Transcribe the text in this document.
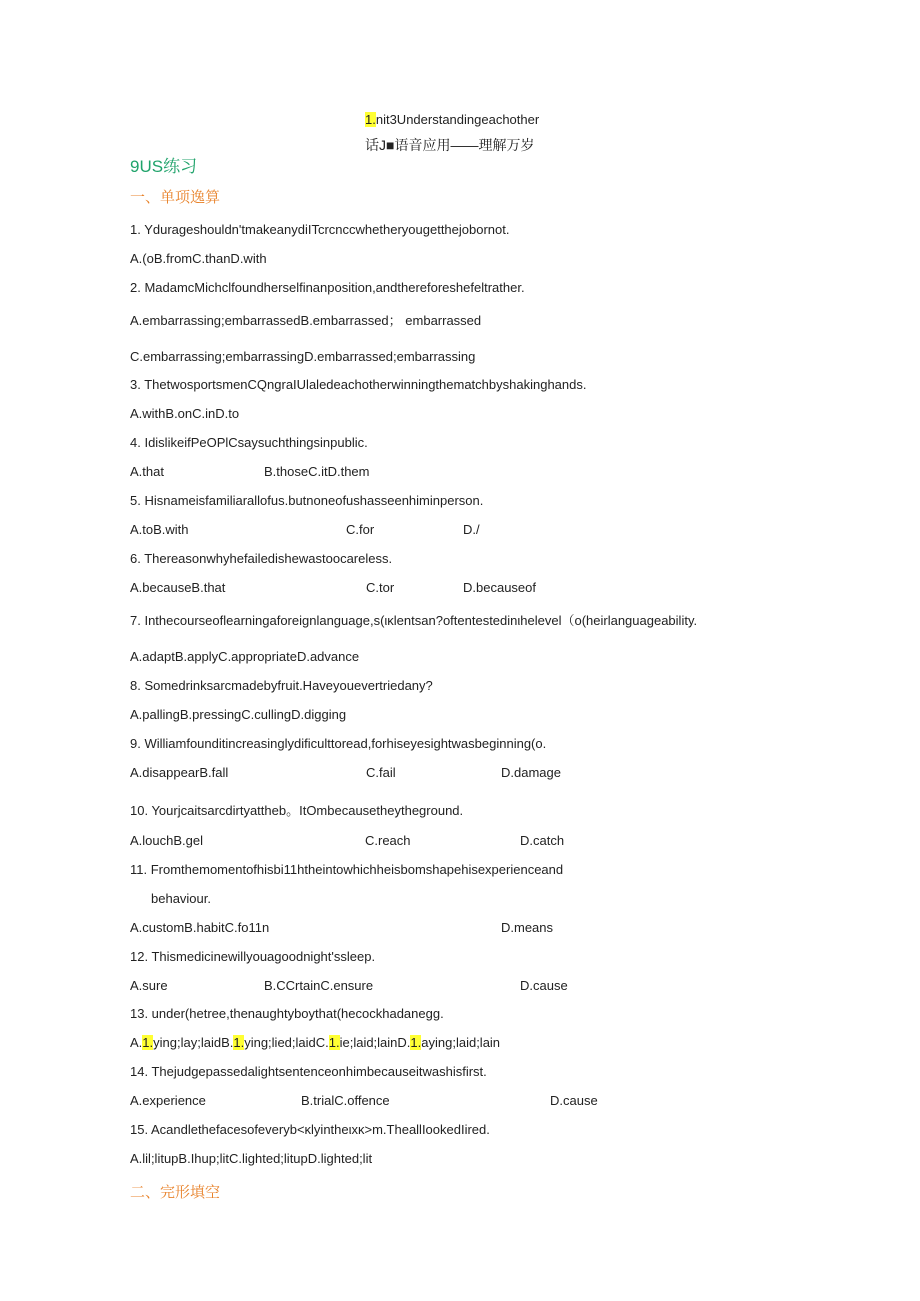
1.nit3Understandingeachother
话J■语音应用——理解万岁
9US练习
一、单项逸算
1. Ydurageshouldn'tmakeanydiITcrcnccwhetheryougetthejobornot.
A.(oB.fromC.thanD.with
2. MadamcMichclfoundherselfinanposition,andthereforeshefeltrather.
A.embarrassing;embarrassedB.embarrassed； embarrassed
C.embarrassing;embarrassingD.embarrassed;embarrassing
3. ThetwosportsmenCQngraIUlaledeachotherwinningthematchbyshakinghands.
A.withB.onC.inD.to
4. IdislikeifPeOPlCsaysuchthingsinpublic.
A.that	B.thoseC.itD.them
5. Hisnameisfamiliarallofus.butnoneofushasseenhiminperson.
A.toB.with	C.for	D./
6. Thereasonwhyhefailedishewastoocareless.
A.becauseB.that	C.tor	D.becauseof
7. Inthecourseoflearningaforeignlanguage,s(ικlentsan?oftentestedinιhelevel（o(heirlanguageability.
A.adaptB.applyC.appropriateD.advance
8. Somedrinksarcmadebyfruit.Haveyouevertriedany?
A.pallingB.pressingC.cullingD.digging
9. Williamfounditincreasinglydiﬁculttoread,forhiseyesightwasbeginning(o.
A.disappearB.fall	C.fail	D.damage
10. Yourjcaitsarcdirtyattheb。ItOmbecausetheytheground.
A.louchB.gel	C.reach	D.catch
11. Fromthemomentofhisbi11htheintowhichheisbomshapehisexperienceand
behaviour.
A.customB.habitC.fo11n	D.means
12. Thismedicinewillyouagoodnight'ssleep.
A.sure	B.CCrtainC.ensure	D.cause
13. under(hetree,thenaughtyboythat(hecockhadanegg.
A.1.ying;lay;laidB.1.ying;lied;laidC.1.ie;laid;lainD.1.aying;laid;lain
14. Thejudgepassedalightsentenceonhimbecauseitwashisfirst.
A.experience	B.trialC.offence	D.cause
15. Acandlethefacesofeveryb<κlyintheιxκ>m.TheallIookedIired.
A.lil;litupB.Ihup;litC.lighted;litupD.lighted;lit
二、完形填空
